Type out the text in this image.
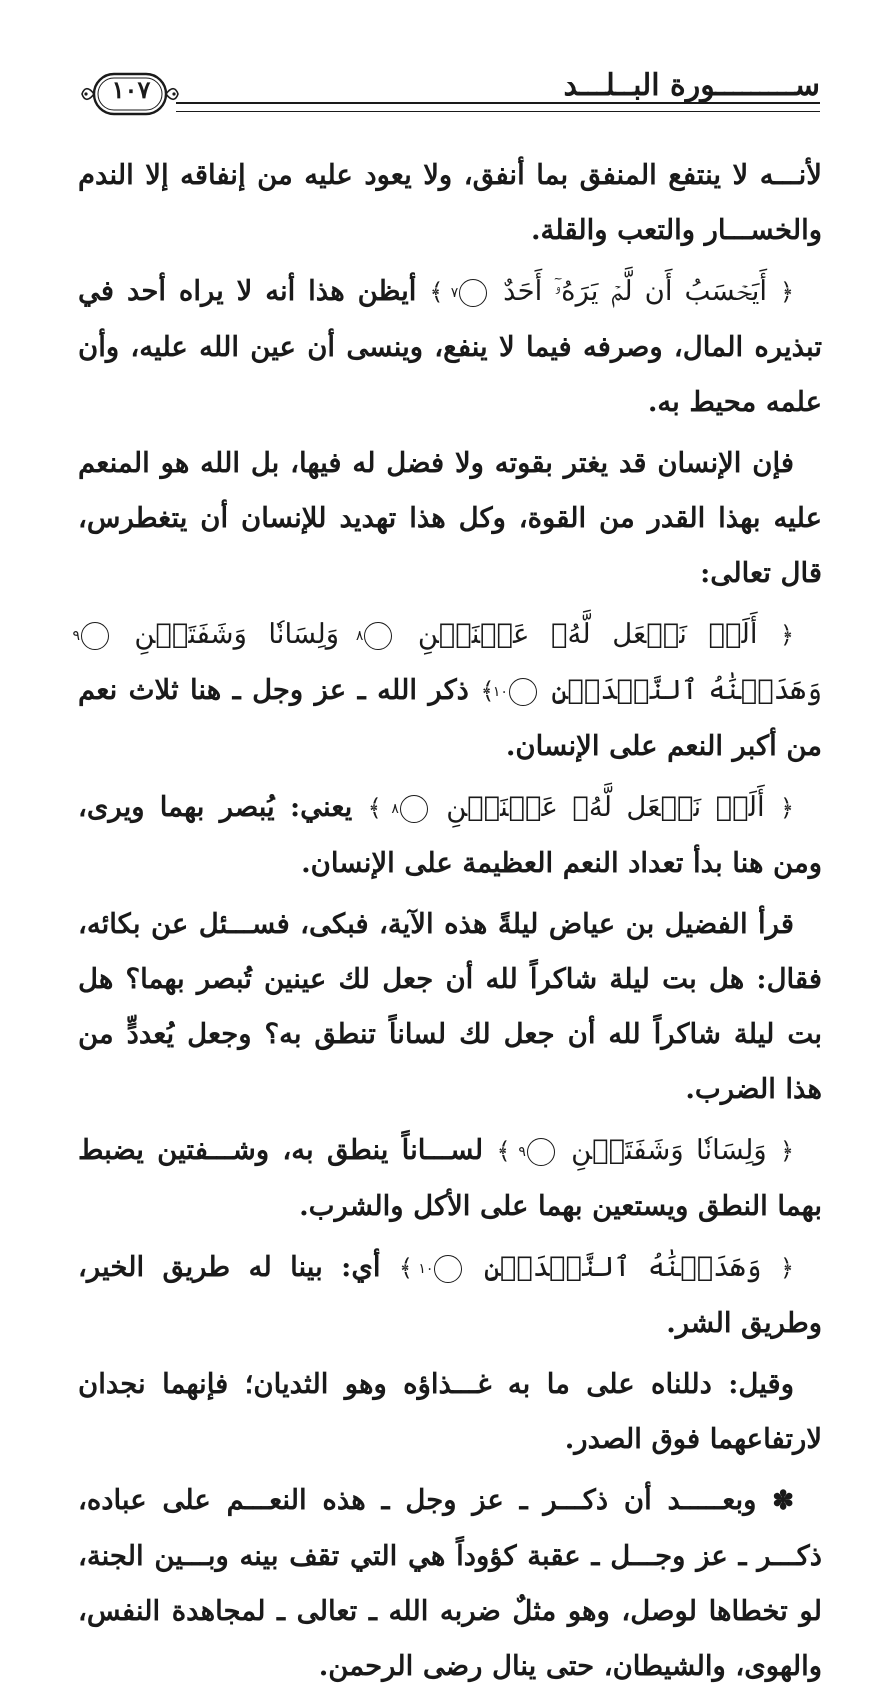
ســـــــــورة البــلـــد
١٠٧

لأنـــه لا ينتفع المنفق بما أنفق، ولا يعود عليه من إنفاقه إلا الندم والخســـار والتعب والقلة.

﴿ أَيَحۡسَبُ أَن لَّمۡ يَرَهُۥٓ أَحَدٌ ٧ ﴾ أيظن هذا أنه لا يراه أحد في تبذيره المال، وصرفه فيما لا ينفع، وينسى أن عين الله عليه، وأن علمه محيط به.

فإن الإنسان قد يغتر بقوته ولا فضل له فيها، بل الله هو المنعم عليه بهذا القدر من القوة، وكل هذا تهديد للإنسان أن يتغطرس، قال تعالى:

﴿ أَلَمۡ نَجۡعَل لَّهُۥ عَيۡنَيۡنِ ٨ وَلِسَانٗا وَشَفَتَيۡنِ ٩ وَهَدَيۡنَٰهُ ٱلنَّجۡدَيۡنِ ١٠ ﴾ ذكر الله ـ عز وجل ـ هنا ثلاث نعم من أكبر النعم على الإنسان.

﴿ أَلَمۡ نَجۡعَل لَّهُۥ عَيۡنَيۡنِ ٨ ﴾ يعني: يُبصر بهما ويرى، ومن هنا بدأ تعداد النعم العظيمة على الإنسان.

قرأ الفضيل بن عياض ليلةً هذه الآية، فبكى، فســـئل عن بكائه، فقال: هل بت ليلة شاكراً لله أن جعل لك عينين تُبصر بهما؟ هل بت ليلة شاكراً لله أن جعل لك لساناً تنطق به؟ وجعل يُعددٍّ من هذا الضرب.

﴿ وَلِسَانٗا وَشَفَتَيۡنِ ٩ ﴾ لســـاناً ينطق به، وشـــفتين يضبط بهما النطق ويستعين بهما على الأكل والشرب.

﴿ وَهَدَيۡنَٰهُ ٱلنَّجۡدَيۡنِ ١٠ ﴾ أي: بينا له طريق الخير، وطريق الشر.

وقيل: دللناه على ما به غـــذاؤه وهو الثديان؛ فإنهما نجدان لارتفاعهما فوق الصدر.

✽ وبعـــــد أن ذكـــر ـ عز وجل ـ هذه النعـــم على عباده، ذكـــر ـ عز وجـــل ـ عقبة كؤوداً هي التي تقف بينه وبـــين الجنة، لو تخطاها لوصل، وهو مثلٌ ضربه الله ـ تعالى ـ لمجاهدة النفس، والهوى، والشيطان، حتى ينال رضى الرحمن.
